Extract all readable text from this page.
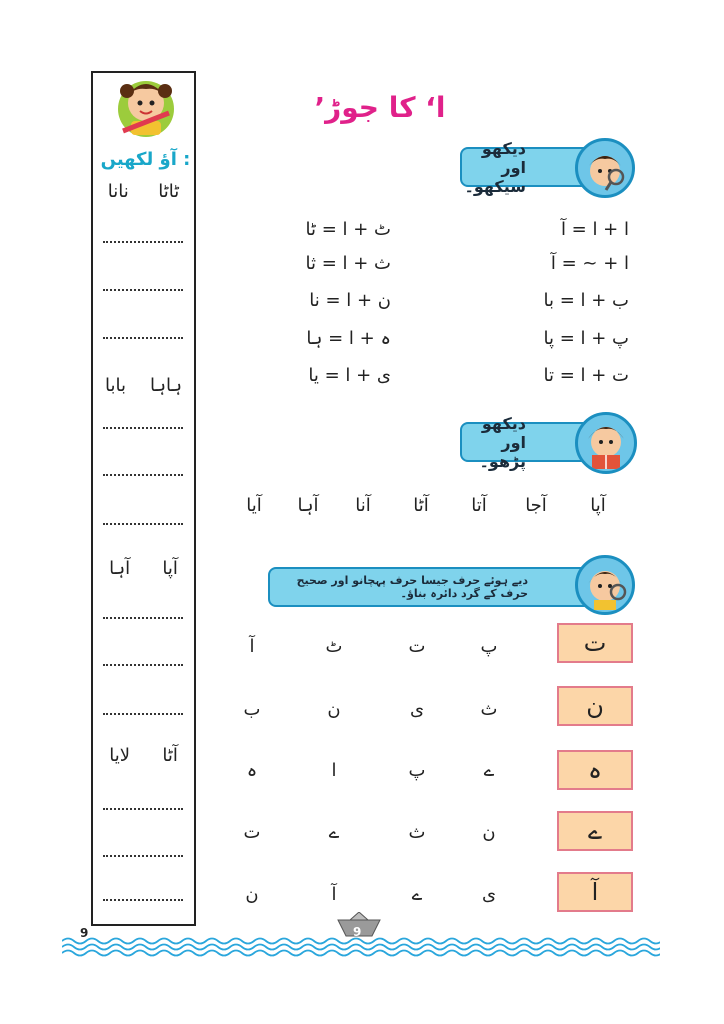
آؤ لکھیں :
ٹاٹا
نانا
ہاہا
بابا
آپا
آہا
آٹا
لایا
’ا‘ کا جوڑ
دیکھو اور سیکھو۔
ا + ا = آ
ا + ~ = آ
ب + ا = با
پ + ا = پا
ت + ا = تا
ٹ + ا = ٹا
ث + ا = ثا
ن + ا = نا
ہ + ا = ہا
ی + ا = یا
دیکھو اور پڑھو۔
آپا
آجا
آتا
آٹا
آنا
آہا
آیا
دیے ہوئے حرف جیسا حرف پہچانو اور صحیح حرف کے گرد دائرہ بناؤ۔
ت
پ
ت
ٹ
آ
ن
ث
ی
ن
ب
ہ
ے
پ
ا
ہ
ے
ن
ث
ے
ت
آ
ی
ے
آ
ن
9	9
